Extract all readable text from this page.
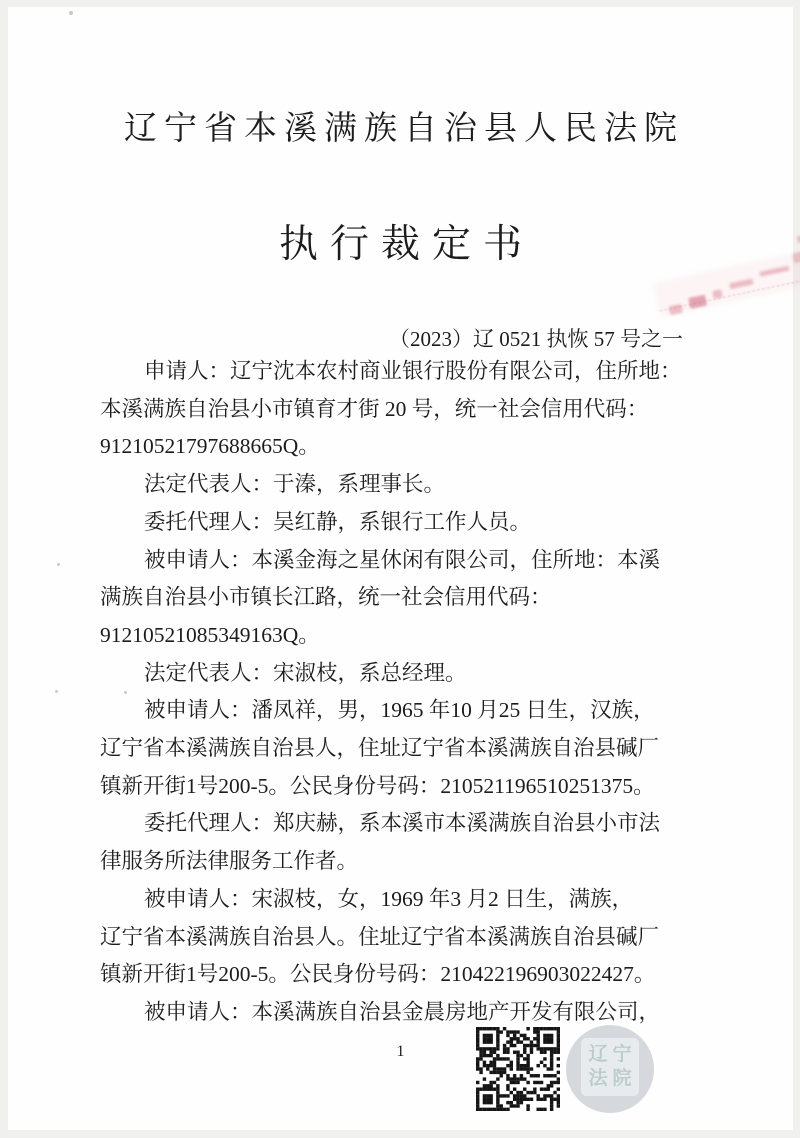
辽宁省本溪满族自治县人民法院
执行裁定书
（2023）辽 0521 执恢 57 号之一
申请人：辽宁沈本农村商业银行股份有限公司，住所地：
本溪满族自治县小市镇育才街 20 号，统一社会信用代码：
91210521797688665Q。
法定代表人：于溱，系理事长。
委托代理人：吴红静，系银行工作人员。
被申请人：本溪金海之星休闲有限公司，住所地：本溪
满族自治县小市镇长江路，统一社会信用代码：
91210521085349163Q。
法定代表人：宋淑枝，系总经理。
被申请人：潘凤祥，男，1965 年10 月25 日生，汉族，
辽宁省本溪满族自治县人，住址辽宁省本溪满族自治县碱厂
镇新开街1号200-5。公民身份号码：210521196510251375。
委托代理人：郑庆赫，系本溪市本溪满族自治县小市法
律服务所法律服务工作者。
被申请人：宋淑枝，女，1969 年3 月2 日生，满族，
辽宁省本溪满族自治县人。住址辽宁省本溪满族自治县碱厂
镇新开街1号200-5。公民身份号码：210422196903022427。
被申请人：本溪满族自治县金晨房地产开发有限公司，
1	辽宁
法院
